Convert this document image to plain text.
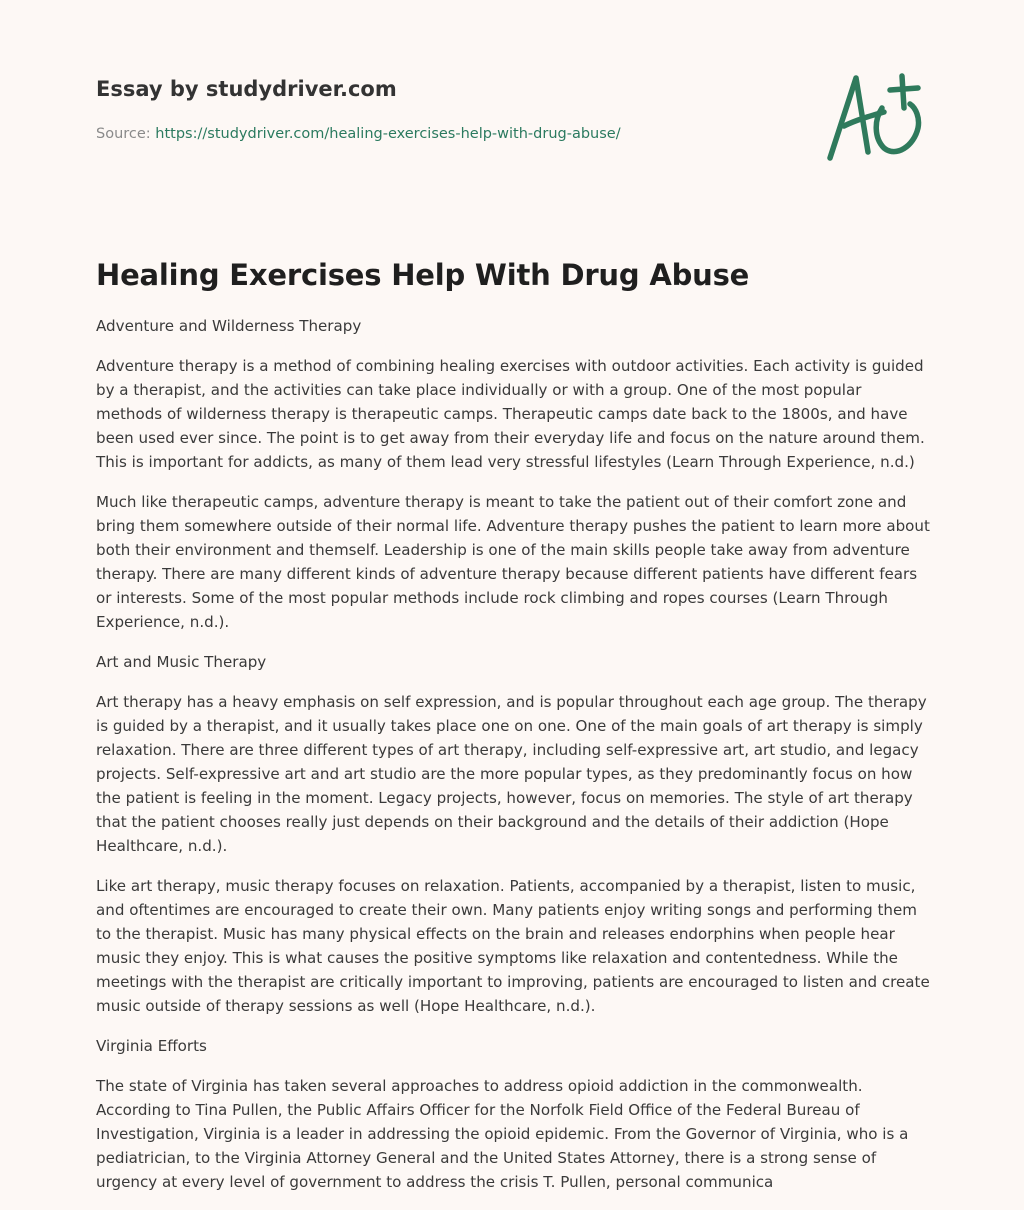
Essay by studydriver.com
Source: https://studydriver.com/healing-exercises-help-with-drug-abuse/
Healing Exercises Help With Drug Abuse

Adventure and Wilderness Therapy

Adventure therapy is a method of combining healing exercises with outdoor activities. Each activity is guided by a therapist, and the activities can take place individually or with a group. One of the most popular methods of wilderness therapy is therapeutic camps. Therapeutic camps date back to the 1800s, and have been used ever since. The point is to get away from their everyday life and focus on the nature around them. This is important for addicts, as many of them lead very stressful lifestyles (Learn Through Experience, n.d.)

Much like therapeutic camps, adventure therapy is meant to take the patient out of their comfort zone and bring them somewhere outside of their normal life. Adventure therapy pushes the patient to learn more about both their environment and themself. Leadership is one of the main skills people take away from adventure therapy. There are many different kinds of adventure therapy because different patients have different fears or interests. Some of the most popular methods include rock climbing and ropes courses (Learn Through Experience, n.d.).

Art and Music Therapy

Art therapy has a heavy emphasis on self expression, and is popular throughout each age group. The therapy is guided by a therapist, and it usually takes place one on one. One of the main goals of art therapy is simply relaxation. There are three different types of art therapy, including self-expressive art, art studio, and legacy projects. Self-expressive art and art studio are the more popular types, as they predominantly focus on how the patient is feeling in the moment. Legacy projects, however, focus on memories. The style of art therapy that the patient chooses really just depends on their background and the details of their addiction (Hope Healthcare, n.d.).

Like art therapy, music therapy focuses on relaxation. Patients, accompanied by a therapist, listen to music, and oftentimes are encouraged to create their own. Many patients enjoy writing songs and performing them to the therapist. Music has many physical effects on the brain and releases endorphins when people hear music they enjoy. This is what causes the positive symptoms like relaxation and contentedness. While the meetings with the therapist are critically important to improving, patients are encouraged to listen and create music outside of therapy sessions as well (Hope Healthcare, n.d.).

Virginia Efforts

The state of Virginia has taken several approaches to address opioid addiction in the commonwealth. According to Tina Pullen, the Public Affairs Officer for the Norfolk Field Office of the Federal Bureau of Investigation, Virginia is a leader in addressing the opioid epidemic. From the Governor of Virginia, who is a pediatrician, to the Virginia Attorney General and the United States Attorney, there is a strong sense of urgency at every level of government to address the crisis T. Pullen, personal communica
